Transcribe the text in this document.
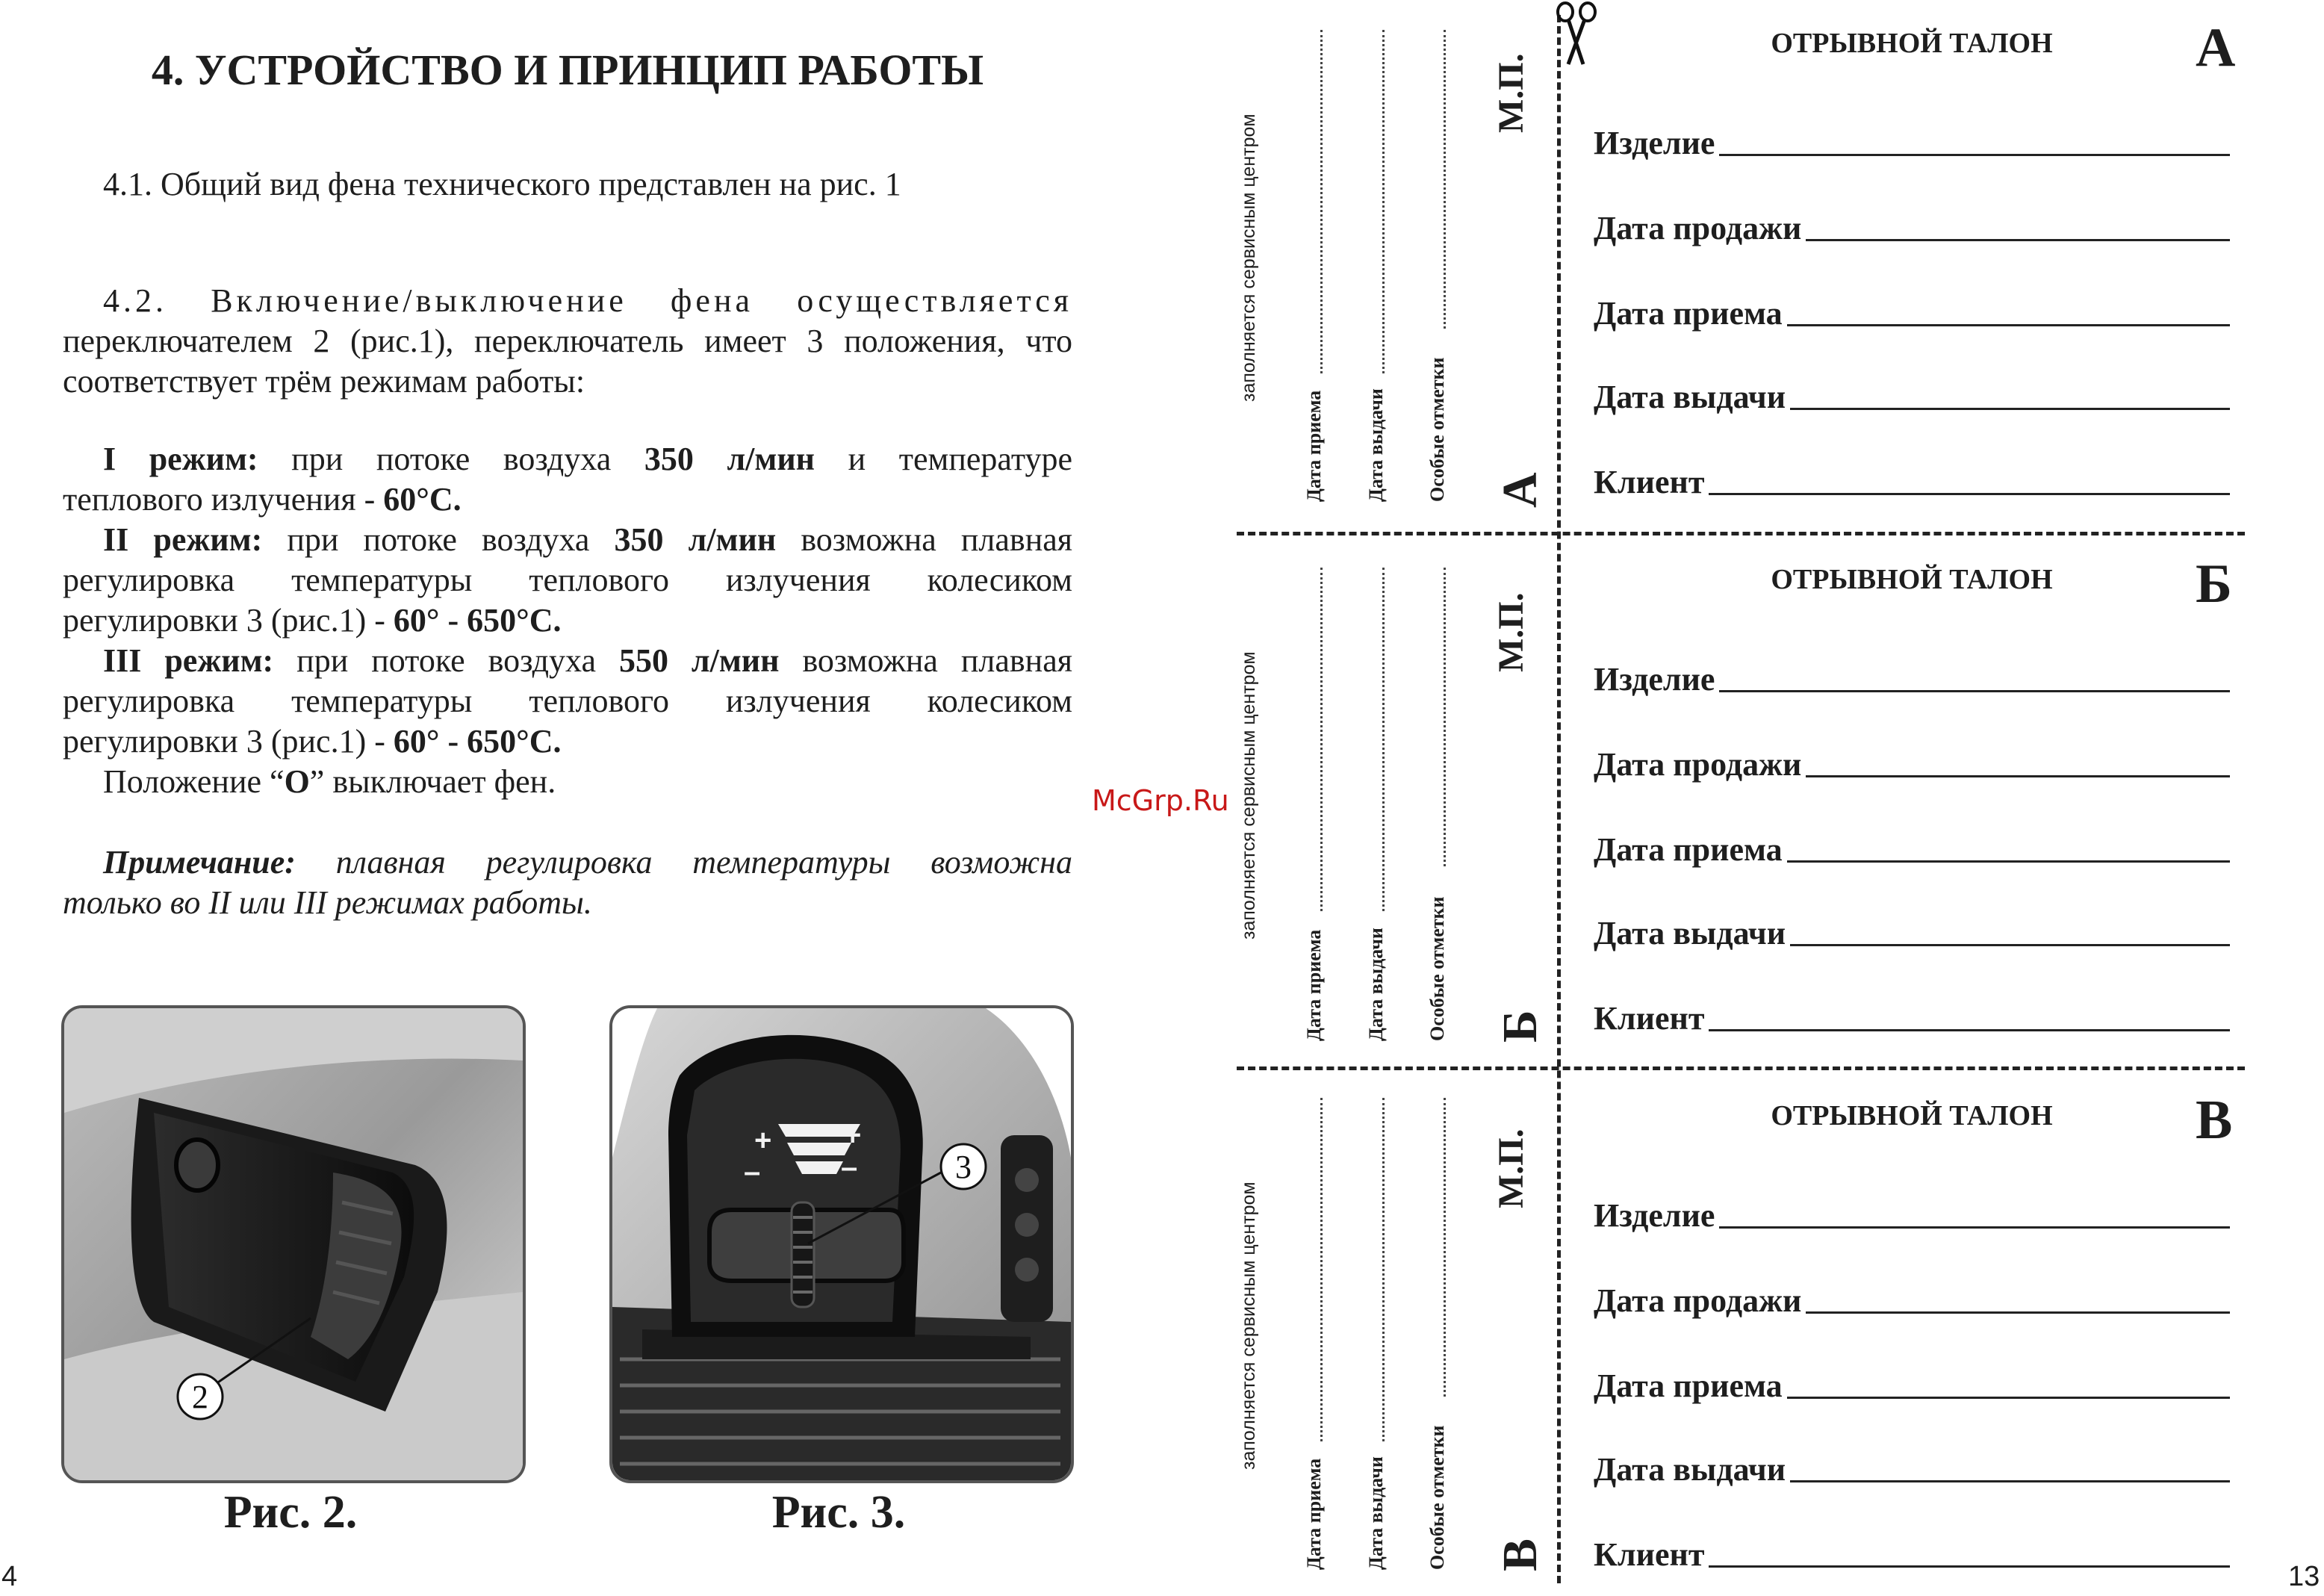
4. УСТРОЙСТВО И ПРИНЦИП РАБОТЫ
4.1. Общий вид фена технического представлен на рис. 1
4.2. Включение/выключение фена осуществляется
переключателем 2 (рис.1), переключатель имеет 3 положения, что
соответствует трём режимам работы:
I режим: при потоке воздуха 350 л/мин и температуре
теплового излучения - 60°C.
II режим: при потоке воздуха 350 л/мин возможна плавная
регулировка температуры теплового излучения колесиком
регулировки 3 (рис.1) - 60° - 650°C.
III режим: при потоке воздуха 550 л/мин возможна плавная
регулировка температуры теплового излучения колесиком
регулировки 3 (рис.1) - 60° - 650°C.
Положение “O” выключает фен.
Примечание: плавная регулировка температуры возможна
только во II или III режимах работы.
2
Рис. 2.
+ +
–	–	3
Рис. 3.
4
McGrp.Ru
заполняется сервисным центром
Дата приема Дата выдачи Особые отметки
М.П.
А
заполняется сервисным центром
Дата приема Дата выдачи Особые отметки
М.П.
Б
заполняется сервисным центром
Дата приема Дата выдачи Особые отметки
М.П.
В
ОТРЫВНОЙ ТАЛОН	А
Изделие
Дата продажи
Дата приема
Дата выдачи
Клиент
ОТРЫВНОЙ ТАЛОН	Б
Изделие
Дата продажи
Дата приема
Дата выдачи
Клиент
ОТРЫВНОЙ ТАЛОН	В
Изделие
Дата продажи
Дата приема
Дата выдачи
Клиент
13
